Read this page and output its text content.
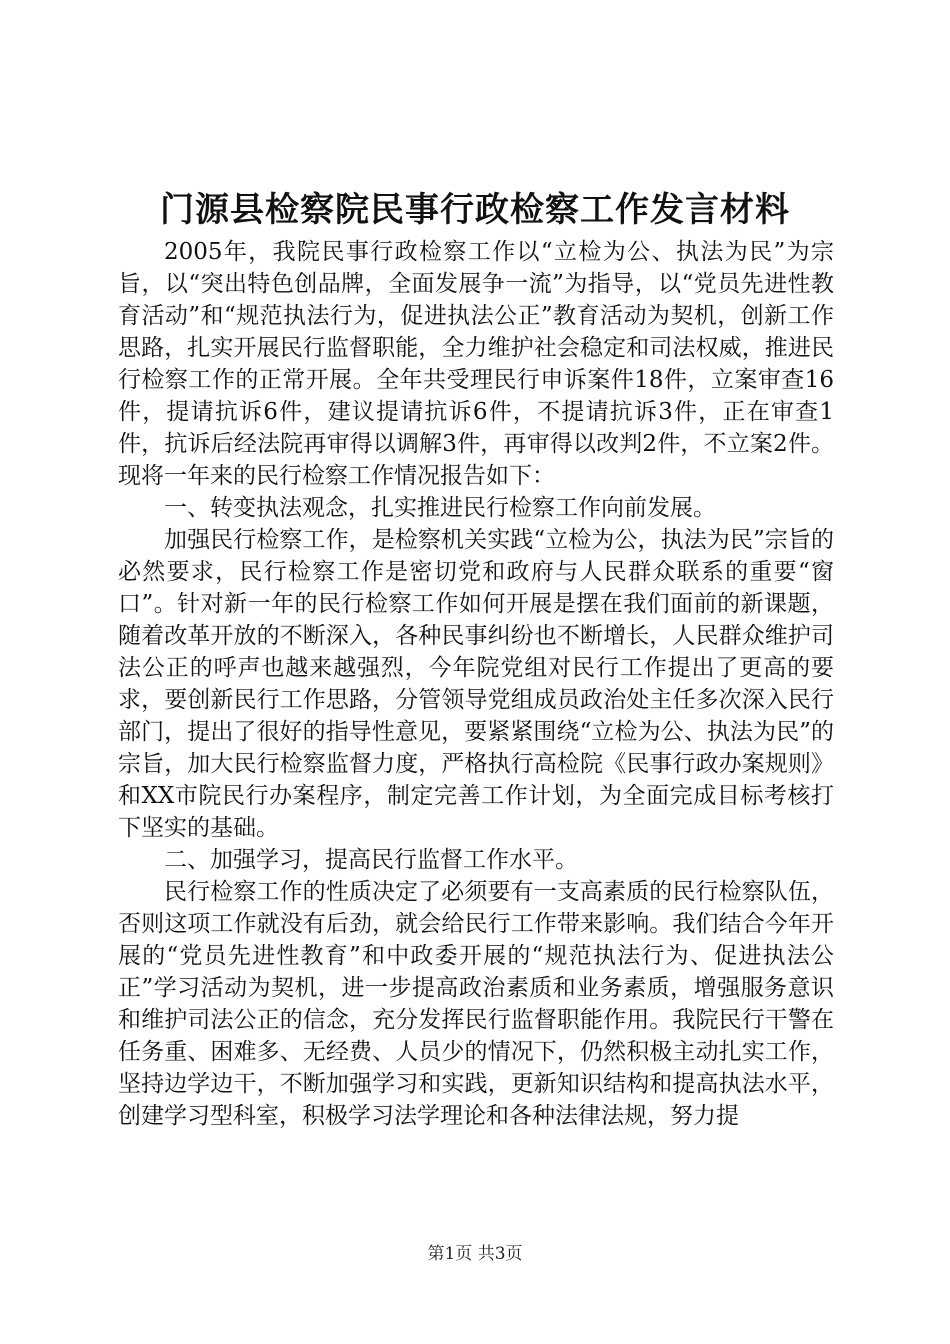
门源县检察院民事行政检察工作发言材料

2005年，我院民事行政检察工作以“立检为公、执法为民”为宗旨，以“突出特色创品牌，全面发展争一流”为指导，以“党员先进性教育活动”和“规范执法行为，促进执法公正”教育活动为契机，创新工作思路，扎实开展民行监督职能，全力维护社会稳定和司法权威，推进民行检察工作的正常开展。全年共受理民行申诉案件18件，立案审查16件，提请抗诉6件，建议提请抗诉6件，不提请抗诉3件，正在审查1件，抗诉后经法院再审得以调解3件，再审得以改判2件，不立案2件。现将一年来的民行检察工作情况报告如下：

一、转变执法观念，扎实推进民行检察工作向前发展。

加强民行检察工作，是检察机关实践“立检为公，执法为民”宗旨的必然要求，民行检察工作是密切党和政府与人民群众联系的重要“窗口”。针对新一年的民行检察工作如何开展是摆在我们面前的新课题，随着改革开放的不断深入，各种民事纠纷也不断增长，人民群众维护司法公正的呼声也越来越强烈，今年院党组对民行工作提出了更高的要求，要创新民行工作思路，分管领导党组成员政治处主任多次深入民行部门，提出了很好的指导性意见，要紧紧围绕“立检为公、执法为民”的宗旨，加大民行检察监督力度，严格执行高检院《民事行政办案规则》和XX市院民行办案程序，制定完善工作计划，为全面完成目标考核打下坚实的基础。

二、加强学习，提高民行监督工作水平。

民行检察工作的性质决定了必须要有一支高素质的民行检察队伍，否则这项工作就没有后劲，就会给民行工作带来影响。我们结合今年开展的“党员先进性教育”和中政委开展的“规范执法行为、促进执法公正”学习活动为契机，进一步提高政治素质和业务素质，增强服务意识和维护司法公正的信念，充分发挥民行监督职能作用。我院民行干警在任务重、困难多、无经费、人员少的情况下，仍然积极主动扎实工作，坚持边学边干，不断加强学习和实践，更新知识结构和提高执法水平，创建学习型科室，积极学习法学理论和各种法律法规，努力提

第1页 共3页
